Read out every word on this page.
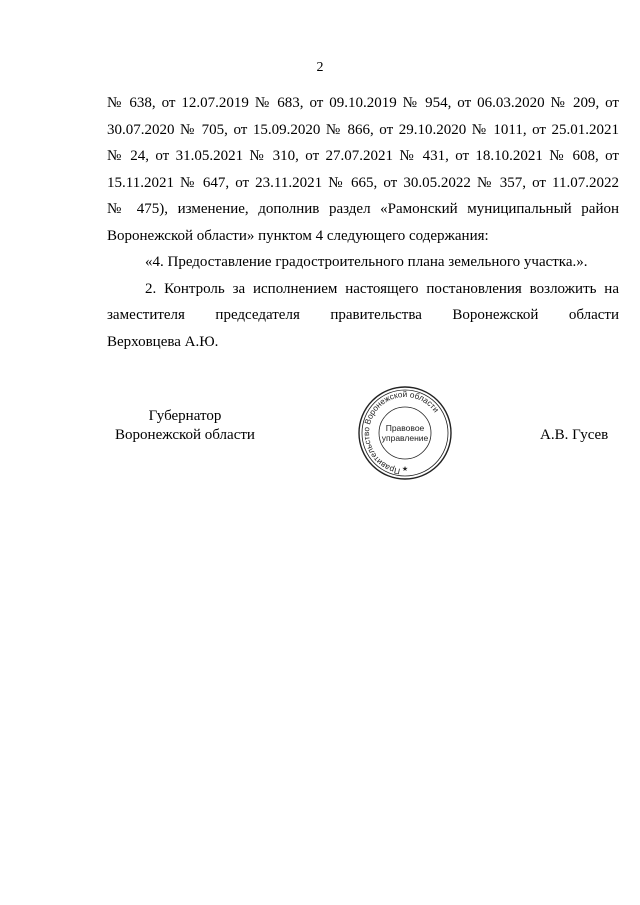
2
№ 638, от 12.07.2019 № 683, от 09.10.2019 № 954, от 06.03.2020 № 209, от
30.07.2020 № 705, от 15.09.2020 № 866, от 29.10.2020 № 1011, от 25.01.2021
№ 24, от 31.05.2021 № 310, от 27.07.2021 № 431, от 18.10.2021 № 608, от
15.11.2021 № 647, от 23.11.2021 № 665, от 30.05.2022 № 357, от 11.07.2022
№ 475), изменение, дополнив раздел «Рамонский муниципальный район
Воронежской области» пунктом 4 следующего содержания:
«4. Предоставление градостроительного плана земельного участка.».
2. Контроль за исполнением настоящего постановления возложить на
заместителя председателя правительства Воронежской области
Верховцева А.Ю.
Губернатор
Воронежской области
Правительство Воронежской области
Правовое
управление
★
А.В. Гусев
